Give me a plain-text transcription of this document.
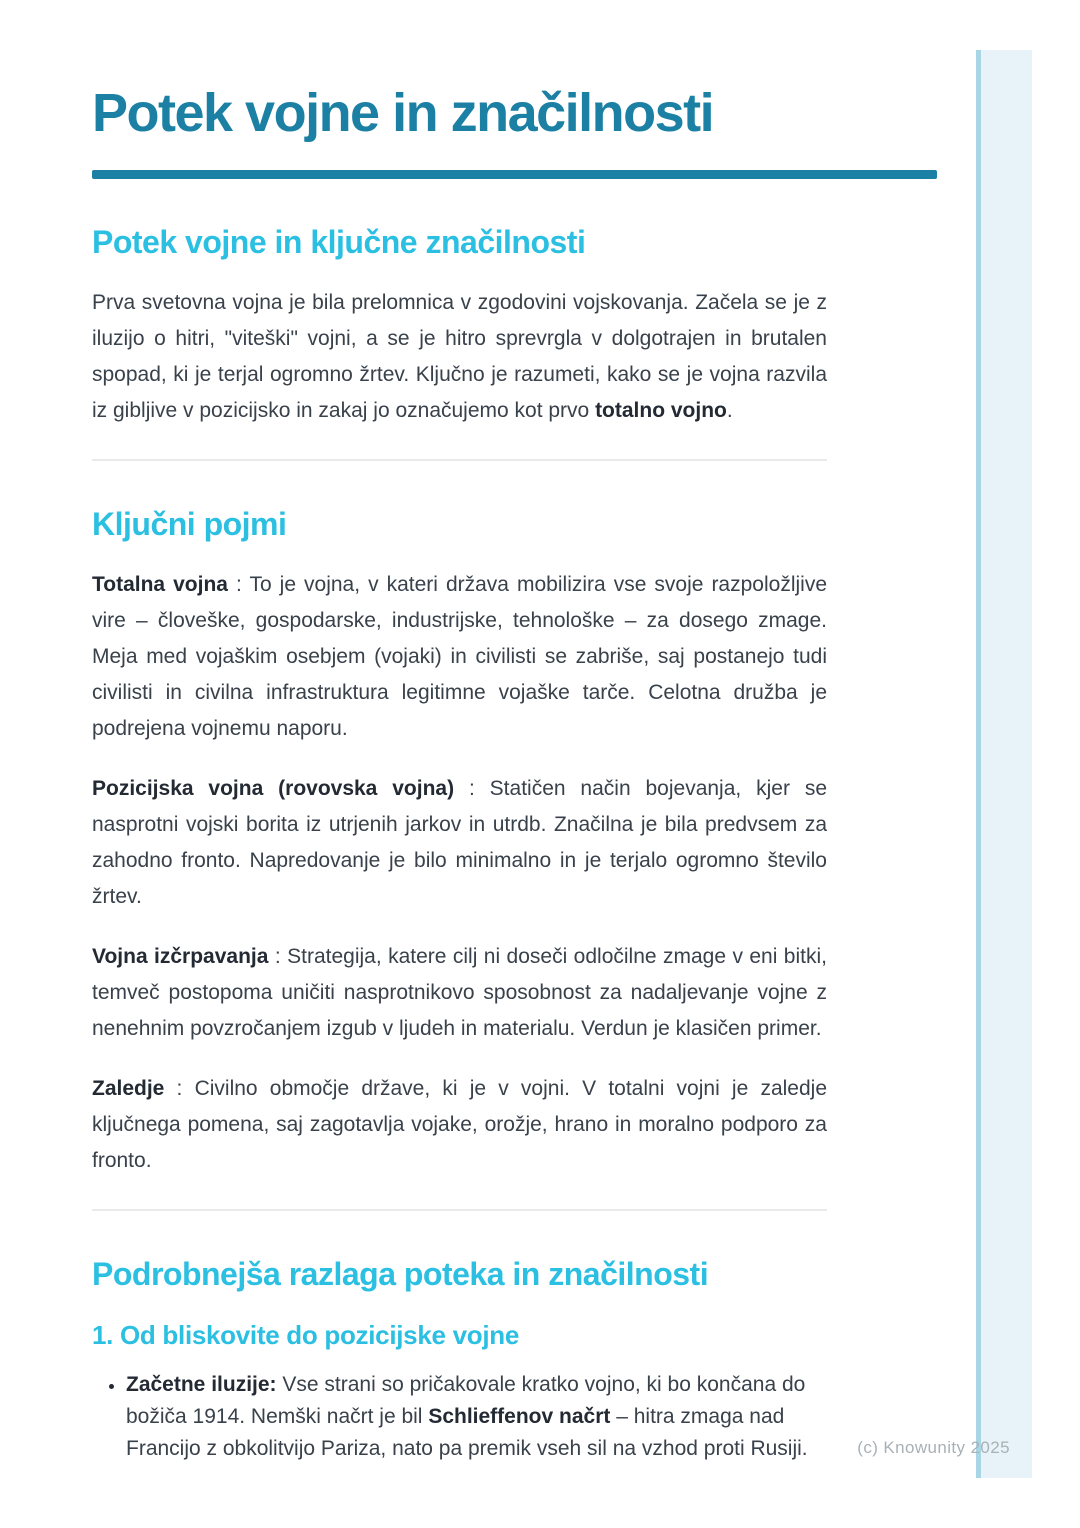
Potek vojne in značilnosti
Potek vojne in ključne značilnosti

Prva svetovna vojna je bila prelomnica v zgodovini vojskovanja. Začela se je z iluzijo o hitri, "viteški" vojni, a se je hitro sprevrgla v dolgotrajen in brutalen spopad, ki je terjal ogromno žrtev. Ključno je razumeti, kako se je vojna razvila iz gibljive v pozicijsko in zakaj jo označujemo kot prvo totalno vojno.

Ključni pojmi

Totalna vojna : To je vojna, v kateri država mobilizira vse svoje razpoložljive vire – človeške, gospodarske, industrijske, tehnološke – za dosego zmage. Meja med vojaškim osebjem (vojaki) in civilisti se zabriše, saj postanejo tudi civilisti in civilna infrastruktura legitimne vojaške tarče. Celotna družba je podrejena vojnemu naporu.

Pozicijska vojna (rovovska vojna) : Statičen način bojevanja, kjer se nasprotni vojski borita iz utrjenih jarkov in utrdb. Značilna je bila predvsem za zahodno fronto. Napredovanje je bilo minimalno in je terjalo ogromno število žrtev.

Vojna izčrpavanja : Strategija, katere cilj ni doseči odločilne zmage v eni bitki, temveč postopoma uničiti nasprotnikovo sposobnost za nadaljevanje vojne z nenehnim povzročanjem izgub v ljudeh in materialu. Verdun je klasičen primer.

Zaledje : Civilno območje države, ki je v vojni. V totalni vojni je zaledje ključnega pomena, saj zagotavlja vojake, orožje, hrano in moralno podporo za fronto.

Podrobnejša razlaga poteka in značilnosti
1. Od bliskovite do pozicijske vojne
• Začetne iluzije: Vse strani so pričakovale kratko vojno, ki bo končana do božiča 1914. Nemški načrt je bil Schlieffenov načrt – hitra zmaga nad Francijo z obkolitvijo Pariza, nato pa premik vseh sil na vzhod proti Rusiji.	(c) Knowunity 2025
